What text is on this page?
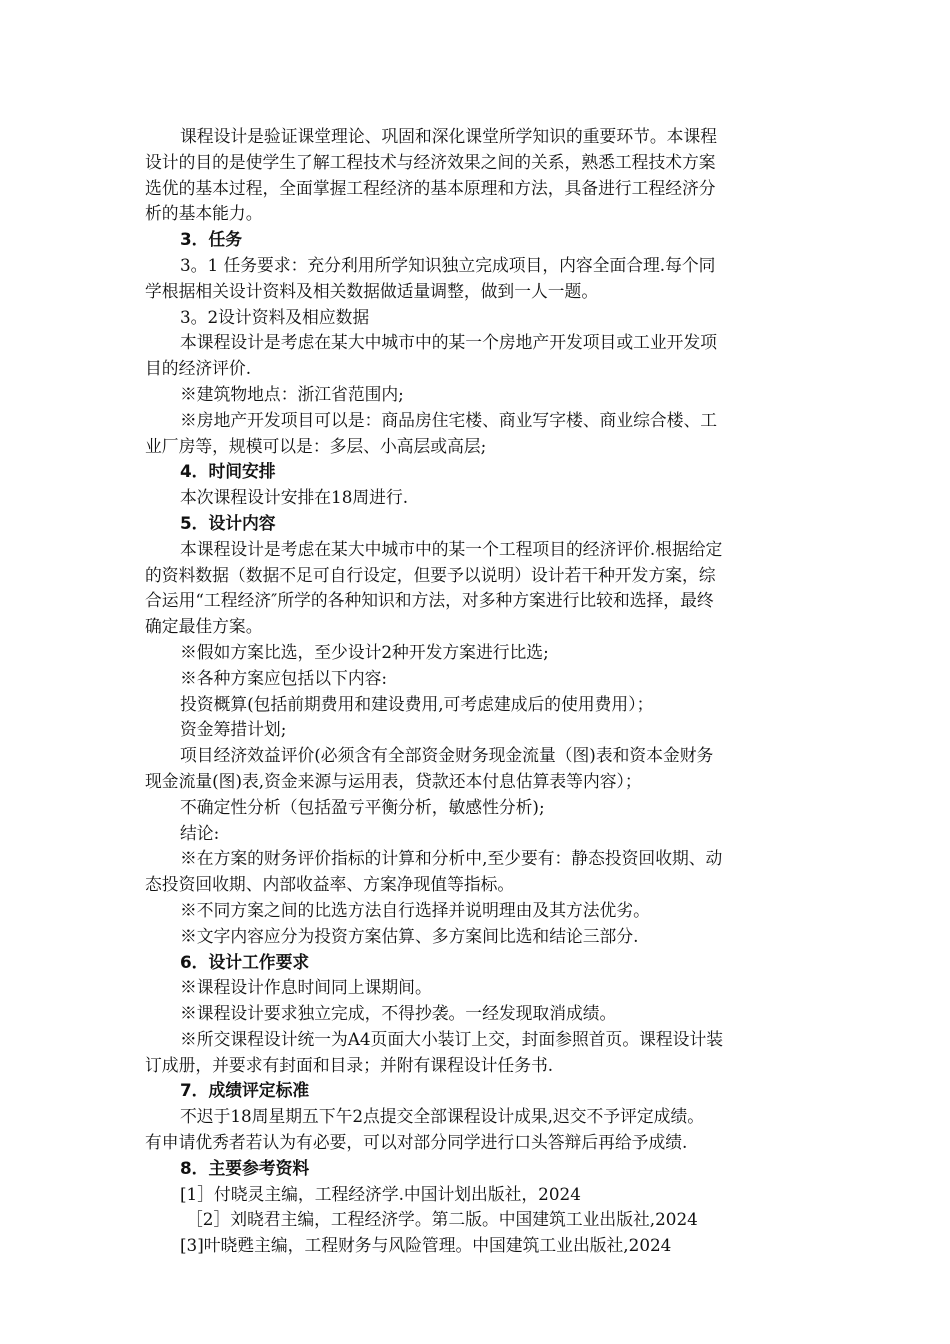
课程设计是验证课堂理论、巩固和深化课堂所学知识的重要环节。本课程
设计的目的是使学生了解工程技术与经济效果之间的关系，熟悉工程技术方案
选优的基本过程，全面掌握工程经济的基本原理和方法，具备进行工程经济分
析的基本能力。
3．任务
3。1 任务要求：充分利用所学知识独立完成项目，内容全面合理.每个同
学根据相关设计资料及相关数据做适量调整，做到一人一题。
3。2设计资料及相应数据
本课程设计是考虑在某大中城市中的某一个房地产开发项目或工业开发项
目的经济评价.
※建筑物地点：浙江省范围内;
※房地产开发项目可以是：商品房住宅楼、商业写字楼、商业综合楼、工
业厂房等，规模可以是：多层、小高层或高层;
4．时间安排
本次课程设计安排在18周进行.
5．设计内容
本课程设计是考虑在某大中城市中的某一个工程项目的经济评价.根据给定
的资料数据（数据不足可自行设定，但要予以说明）设计若干种开发方案，综
合运用“工程经济″所学的各种知识和方法，对多种方案进行比较和选择，最终
确定最佳方案。
※假如方案比选，至少设计2种开发方案进行比选;
※各种方案应包括以下内容:
投资概算(包括前期费用和建设费用,可考虑建成后的使用费用）；
资金筹措计划;
项目经济效益评价(必须含有全部资金财务现金流量（图)表和资本金财务
现金流量(图)表,资金来源与运用表，贷款还本付息估算表等内容）；
不确定性分析（包括盈亏平衡分析，敏感性分析);
结论:
※在方案的财务评价指标的计算和分析中,至少要有：静态投资回收期、动
态投资回收期、内部收益率、方案净现值等指标。
※不同方案之间的比选方法自行选择并说明理由及其方法优劣。
※文字内容应分为投资方案估算、多方案间比选和结论三部分.
6．设计工作要求
※课程设计作息时间同上课期间。
※课程设计要求独立完成，不得抄袭。一经发现取消成绩。
※所交课程设计统一为A4页面大小装订上交，封面参照首页。课程设计装
订成册，并要求有封面和目录；并附有课程设计任务书.
7．成绩评定标准
不迟于18周星期五下午2点提交全部课程设计成果,迟交不予评定成绩。
有申请优秀者若认为有必要，可以对部分同学进行口头答辩后再给予成绩.
8．主要参考资料
[1］付晓灵主编，工程经济学.中国计划出版社，2024
［2］刘晓君主编，工程经济学。第二版。中国建筑工业出版社,2024
[3]叶晓甦主编，工程财务与风险管理。中国建筑工业出版社,2024
